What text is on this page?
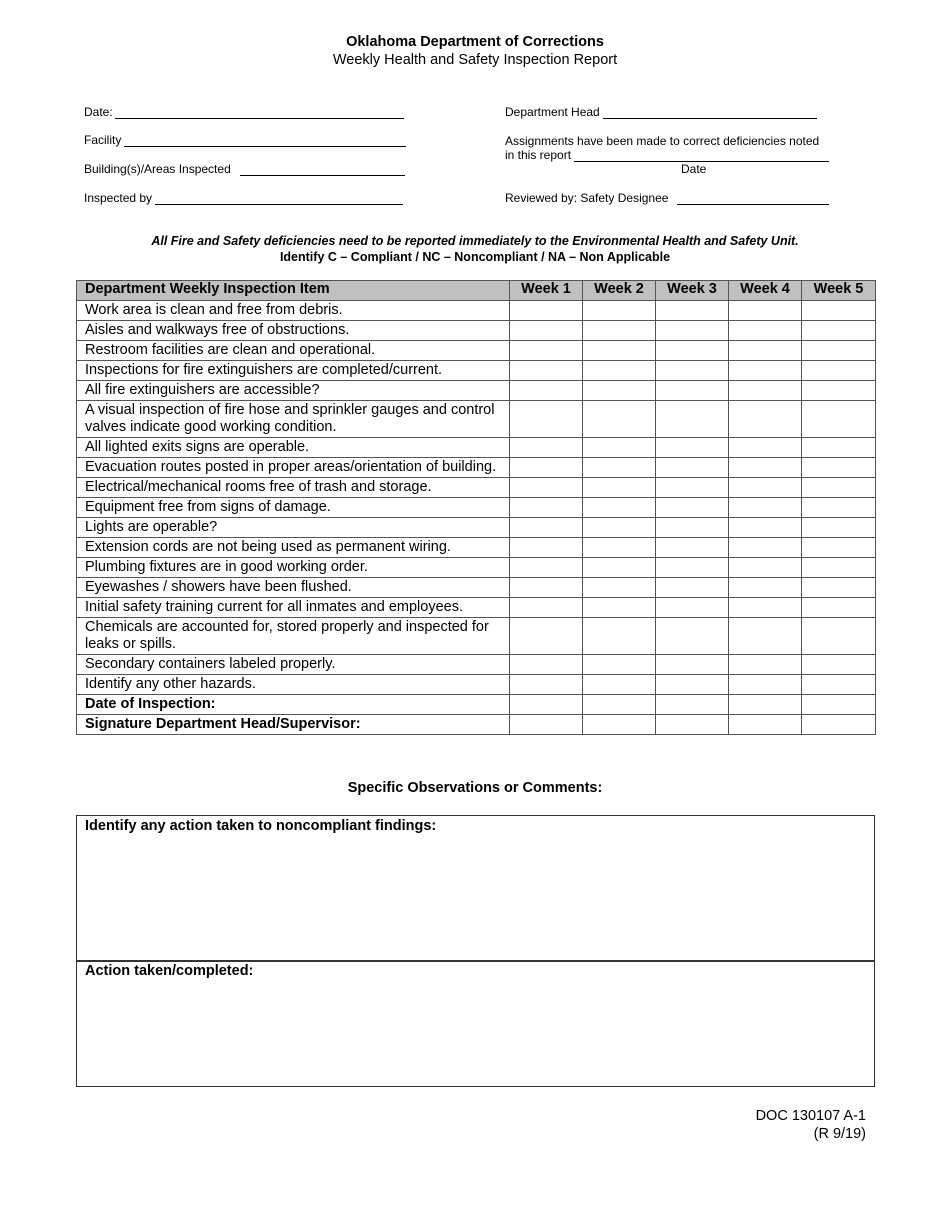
Oklahoma Department of Corrections
Weekly Health and Safety Inspection Report
Date:
Facility
Building(s)/Areas Inspected
Inspected by
Department Head
Assignments have been made to correct deficiencies noted
in this report
Date
Reviewed by: Safety Designee
All Fire and Safety deficiencies need to be reported immediately to the Environmental Health and Safety Unit.
Identify C – Compliant / NC – Noncompliant / NA – Non Applicable
Department Weekly Inspection Item	Week 1	Week 2	Week 3	Week 4	Week 5
Work area is clean and free from debris.					
Aisles and walkways free of obstructions.					
Restroom facilities are clean and operational.					
Inspections for fire extinguishers are completed/current.					
All fire extinguishers are accessible?					
A visual inspection of fire hose and sprinkler gauges and control valves indicate good working condition.					
All lighted exits signs are operable.					
Evacuation routes posted in proper areas/orientation of building.					
Electrical/mechanical rooms free of trash and storage.					
Equipment free from signs of damage.					
Lights are operable?					
Extension cords are not being used as permanent wiring.					
Plumbing fixtures are in good working order.					
Eyewashes / showers have been flushed.					
Initial safety training current for all inmates and employees.					
Chemicals are accounted for, stored properly and inspected for leaks or spills.					
Secondary containers labeled properly.					
Identify any other hazards.					
Date of Inspection:					
Signature Department Head/Supervisor:					
Specific Observations or Comments:
Identify any action taken to noncompliant findings:
Action taken/completed:
DOC 130107 A-1
(R 9/19)
